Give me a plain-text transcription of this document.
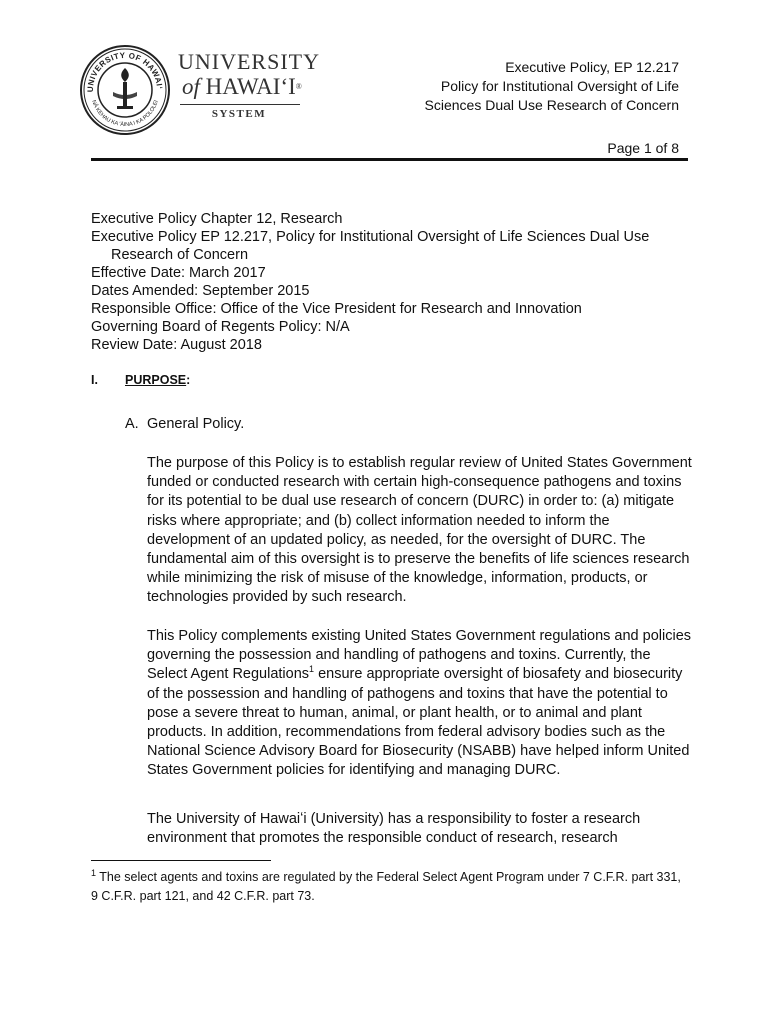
UNIVERSITY OF HAWAIʻ
NĀ KEHAU KA ʻĀINA I KA POLOLEI
UNIVERSITY
of HAWAIʻI®
SYSTEM
Executive Policy, EP 12.217
Policy for Institutional Oversight of Life
Sciences Dual Use Research of Concern
Page 1 of 8
Executive Policy Chapter 12, Research
Executive Policy EP 12.217, Policy for Institutional Oversight of Life Sciences Dual Use
Research of Concern
Effective Date: March 2017
Dates Amended: September 2015
Responsible Office: Office of the Vice President for Research and Innovation
Governing Board of Regents Policy: N/A
Review Date: August 2018
I. PURPOSE:
A. General Policy.
The purpose of this Policy is to establish regular review of United States Government funded or conducted research with certain high-consequence pathogens and toxins for its potential to be dual use research of concern (DURC) in order to: (a) mitigate risks where appropriate; and (b) collect information needed to inform the development of an updated policy, as needed, for the oversight of DURC. The fundamental aim of this oversight is to preserve the benefits of life sciences research while minimizing the risk of misuse of the knowledge, information, products, or technologies provided by such research.
This Policy complements existing United States Government regulations and policies governing the possession and handling of pathogens and toxins. Currently, the Select Agent Regulations$^1$ ensure appropriate oversight of biosafety and biosecurity of the possession and handling of pathogens and toxins that have the potential to pose a severe threat to human, animal, or plant health, or to animal and plant products. In addition, recommendations from federal advisory bodies such as the National Science Advisory Board for Biosecurity (NSABB) have helped inform United States Government policies for identifying and managing DURC.
The University of Hawaiʻi (University) has a responsibility to foster a research environment that promotes the responsible conduct of research, research
$^1$ The select agents and toxins are regulated by the Federal Select Agent Program under 7 C.F.R. part 331, 9 C.F.R. part 121, and 42 C.F.R. part 73.
